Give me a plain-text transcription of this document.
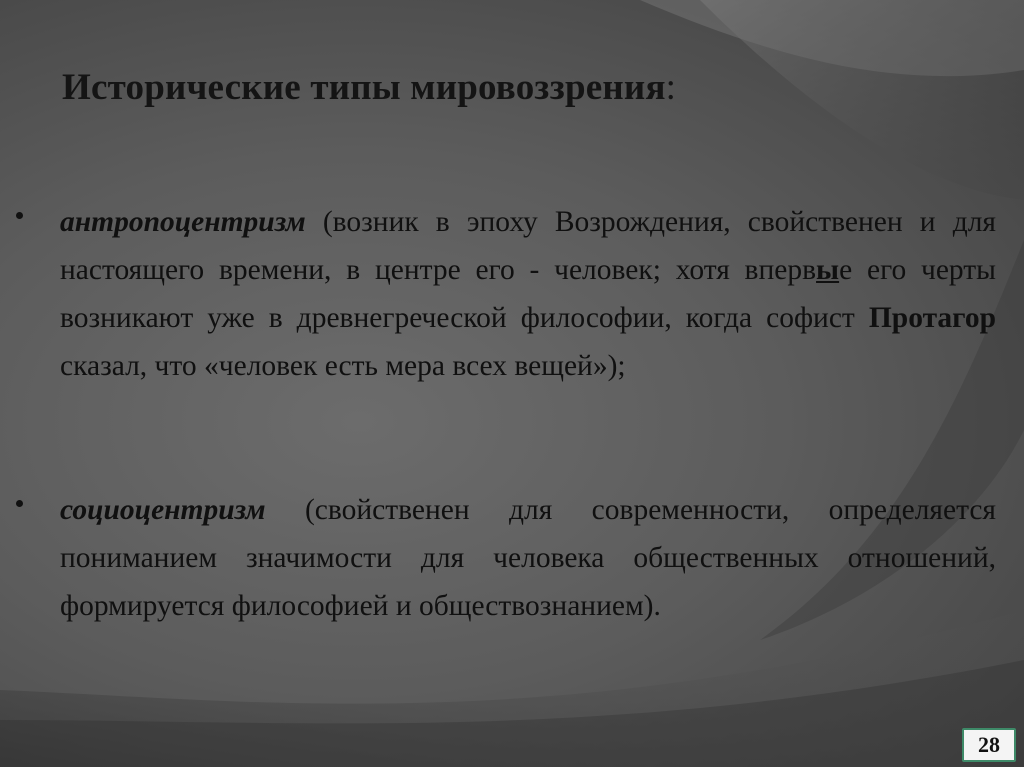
Исторические типы мировоззрения:
антропоцентризм (возник в эпоху Возрождения, свойственен и для настоящего времени, в центре его - человек; хотя впервые его черты возникают уже в древнегреческой философии, когда софист Протагор сказал, что «человек есть мера всех вещей»);
социоцентризм (свойственен для современности, определяется пониманием значимости для человека общественных отношений, формируется философией и обществознанием).
28
